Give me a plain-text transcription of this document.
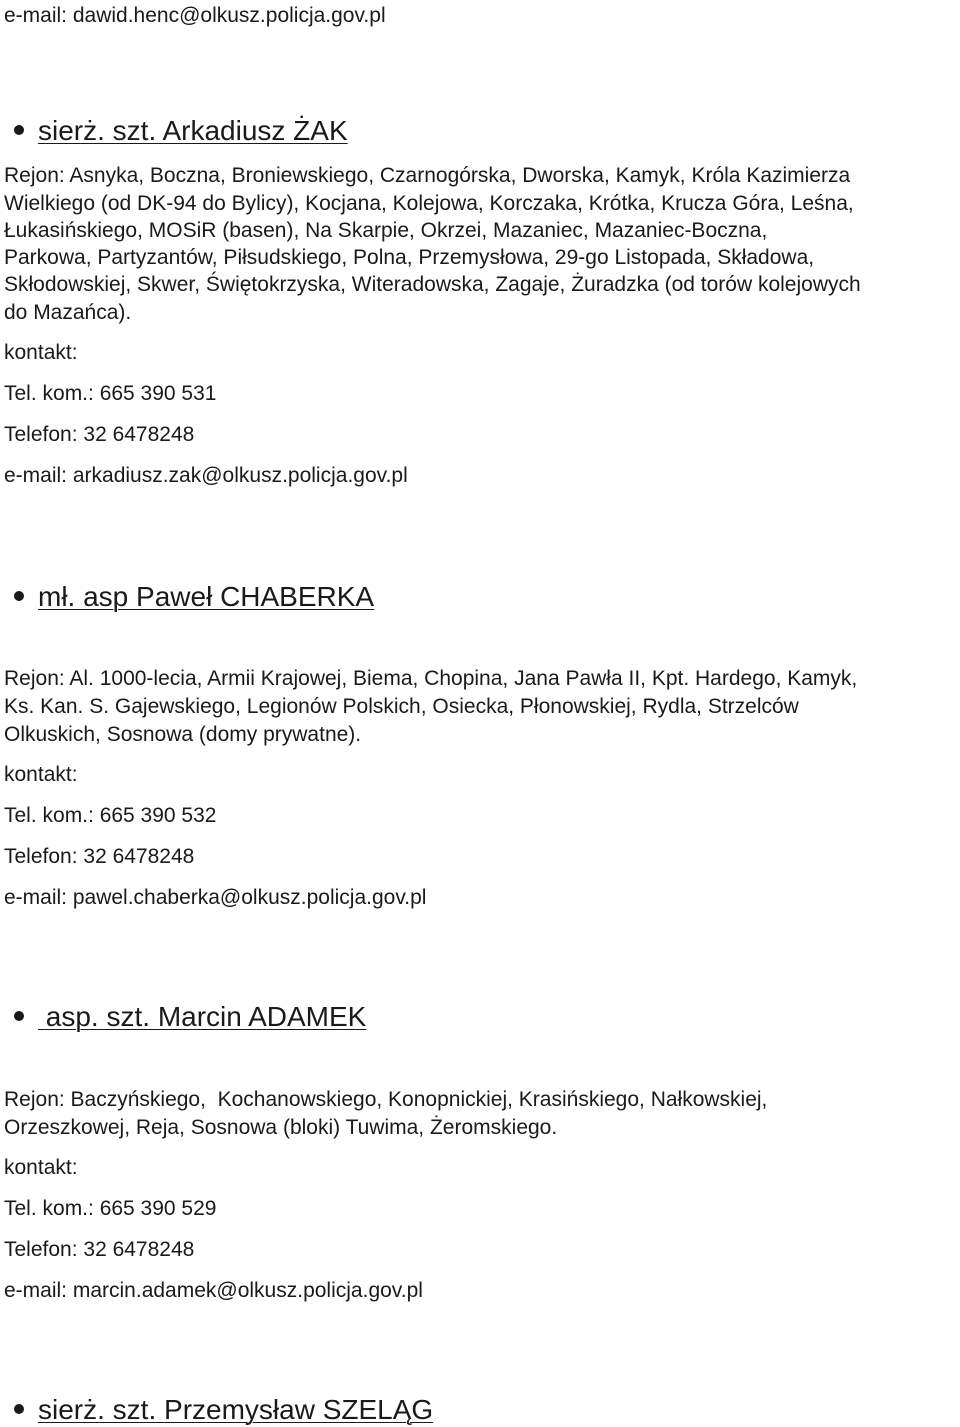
e-mail: dawid.henc@olkusz.policja.gov.pl
sierż. szt. Arkadiusz ŻAK
Rejon: Asnyka, Boczna, Broniewskiego, Czarnogórska, Dworska, Kamyk, Króla Kazimierza
Wielkiego (od DK-94 do Bylicy), Kocjana, Kolejowa, Korczaka, Krótka, Krucza Góra, Leśna,
Łukasińskiego, MOSiR (basen), Na Skarpie, Okrzei, Mazaniec, Mazaniec-Boczna,
Parkowa, Partyzantów, Piłsudskiego, Polna, Przemysłowa, 29-go Listopada, Składowa,
Skłodowskiej, Skwer, Świętokrzyska, Witeradowska, Zagaje, Żuradzka (od torów kolejowych
do Mazańca).
kontakt:
Tel. kom.: 665 390 531
Telefon: 32 6478248
e-mail: arkadiusz.zak@olkusz.policja.gov.pl
mł. asp Paweł CHABERKA
Rejon: Al. 1000-lecia, Armii Krajowej, Biema, Chopina, Jana Pawła II, Kpt. Hardego, Kamyk,
Ks. Kan. S. Gajewskiego, Legionów Polskich, Osiecka, Płonowskiej, Rydla, Strzelców
Olkuskich, Sosnowa (domy prywatne).
kontakt:
Tel. kom.: 665 390 532
Telefon: 32 6478248
e-mail: pawel.chaberka@olkusz.policja.gov.pl
asp. szt. Marcin ADAMEK
Rejon: Baczyńskiego,  Kochanowskiego, Konopnickiej, Krasińskiego, Nałkowskiej,
Orzeszkowej, Reja, Sosnowa (bloki) Tuwima, Żeromskiego.
kontakt:
Tel. kom.: 665 390 529
Telefon: 32 6478248
e-mail: marcin.adamek@olkusz.policja.gov.pl
sierż. szt. Przemysław SZELĄG
